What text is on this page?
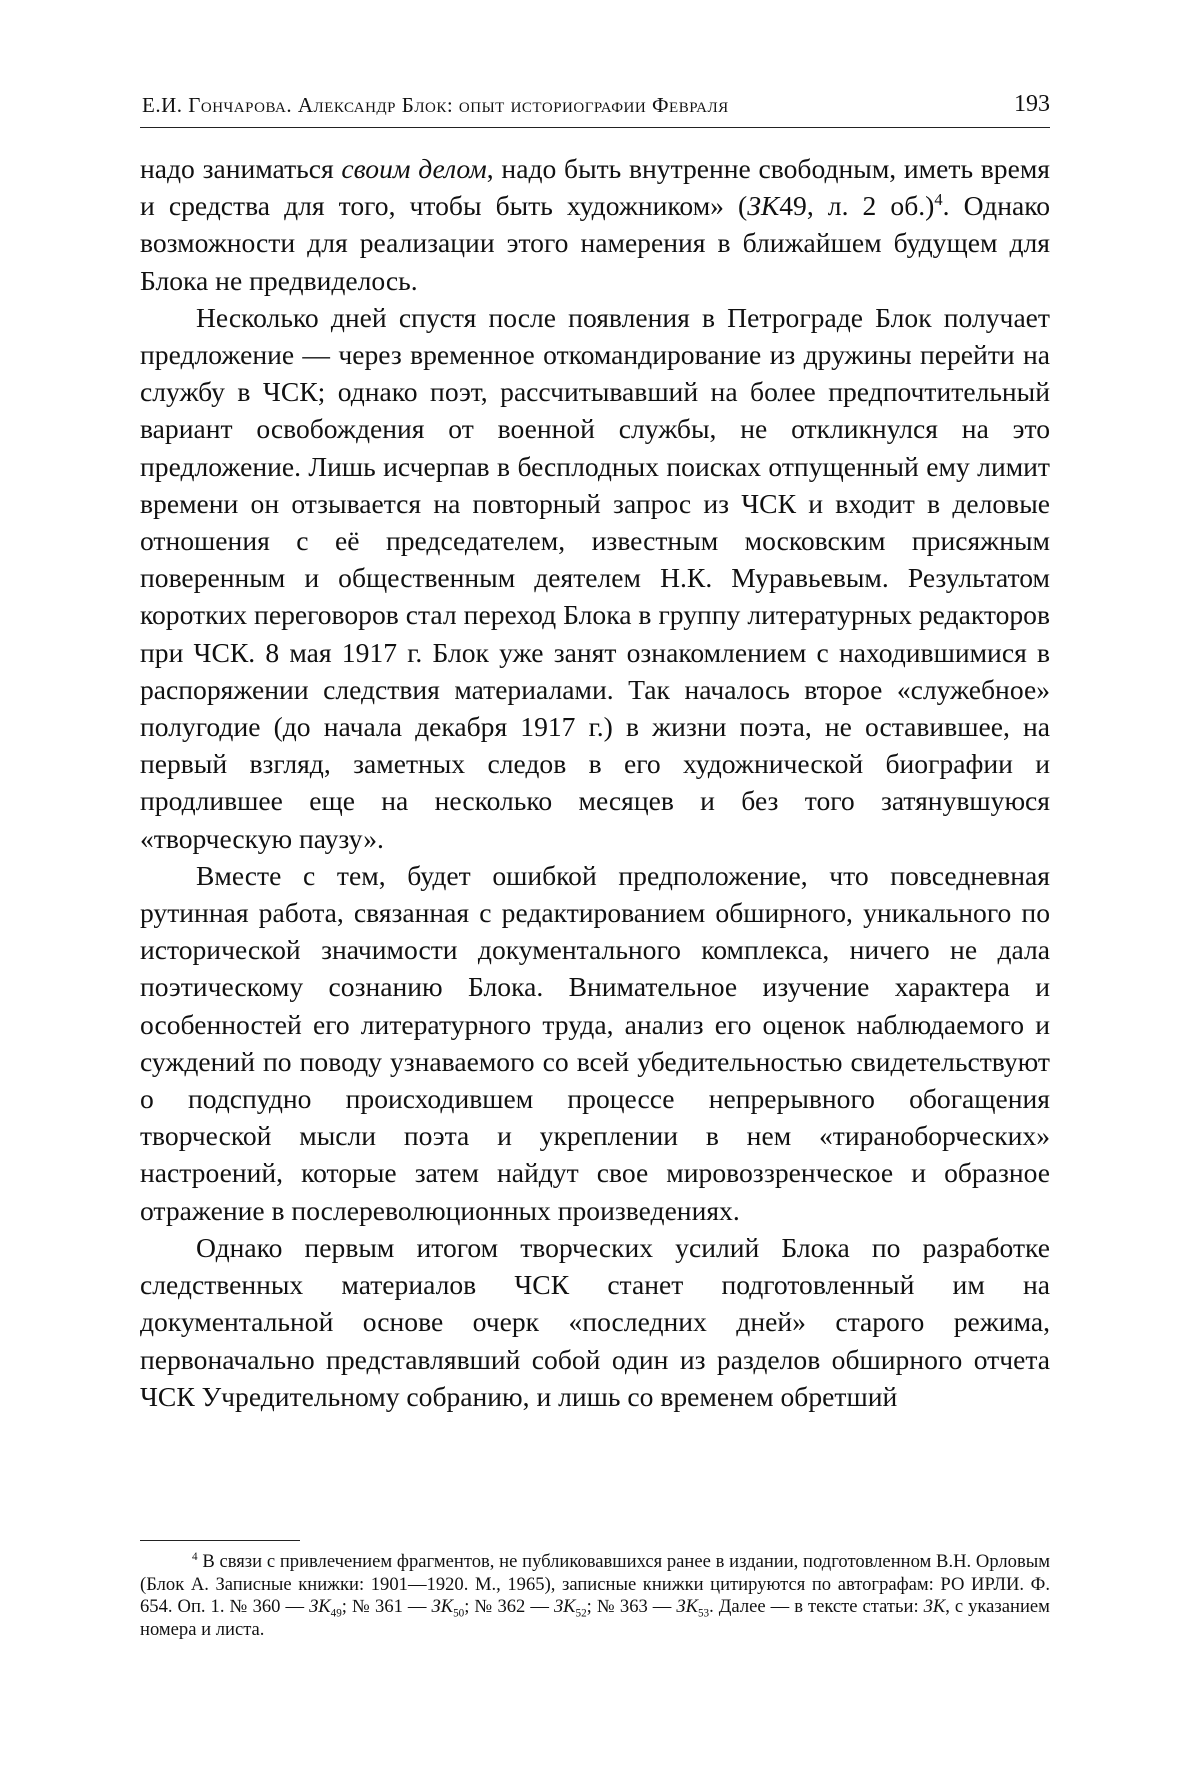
Е.И. Гончарова. Александр Блок: опыт историографии Февраля	193

надо заниматься своим делом, надо быть внутренне свободным, иметь время и средства для того, чтобы быть художником» (ЗК49, л. 2 об.)$^4$. Однако возможности для реализации этого намерения в ближайшем будущем для Блока не предвиделось.

Несколько дней спустя после появления в Петрограде Блок получает предложение — через временное откомандирование из дружины перейти на службу в ЧСК; однако поэт, рассчитывавший на более предпочтительный вариант освобождения от военной службы, не откликнулся на это предложение. Лишь исчерпав в бесплодных поисках отпущенный ему лимит времени он отзывается на повторный запрос из ЧСК и входит в деловые отношения с её председателем, известным московским присяжным поверенным и общественным деятелем Н.К. Муравьевым. Результатом коротких переговоров стал переход Блока в группу литературных редакторов при ЧСК. 8 мая 1917 г. Блок уже занят ознакомлением с находившимися в распоряжении следствия материалами. Так началось второе «служебное» полугодие (до начала декабря 1917 г.) в жизни поэта, не оставившее, на первый взгляд, заметных следов в его художнической биографии и продлившее еще на несколько месяцев и без того затянувшуюся «творческую паузу».

Вместе с тем, будет ошибкой предположение, что повседневная рутинная работа, связанная с редактированием обширного, уникального по исторической значимости документального комплекса, ничего не дала поэтическому сознанию Блока. Внимательное изучение характера и особенностей его литературного труда, анализ его оценок наблюдаемого и суждений по поводу узнаваемого со всей убедительностью свидетельствуют о подспудно происходившем процессе непрерывного обогащения творческой мысли поэта и укреплении в нем «тираноборческих» настроений, которые затем найдут свое мировоззренческое и образное отражение в послереволюционных произведениях.

Однако первым итогом творческих усилий Блока по разработке следственных материалов ЧСК станет подготовленный им на документальной основе очерк «последних дней» старого режима, первоначально представлявший собой один из разделов обширного отчета ЧСК Учредительному собранию, и лишь со временем обретший

$^4$ В связи с привлечением фрагментов, не публиковавшихся ранее в издании, подготовленном В.Н. Орловым (Блок А. Записные книжки: 1901—1920. М., 1965), записные книжки цитируются по автографам: РО ИРЛИ. Ф. 654. Оп. 1. № 360 — $ЗК_{49}$; № 361 — $ЗК_{50}$; № 362 — $ЗК_{52}$; № 363 — $ЗК_{53}$. Далее — в тексте статьи: ЗК, с указанием номера и листа.
